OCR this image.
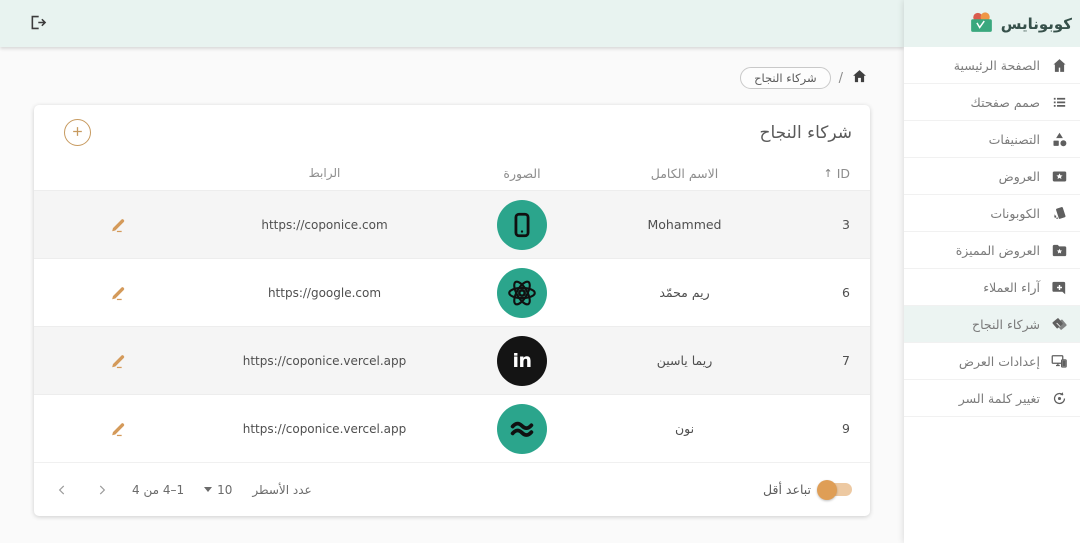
كوبونايس
الصفحة الرئيسية
صمم صفحتك
التصنيفات
العروض
الكوبونات
العروض المميزة
آراء العملاء
شركاء النجاح
إعدادات العرض
تغيير كلمة السر
/
شركاء النجاح
شركاء النجاح
ID
↑
الاسم الكامل
الصورة
الرابط
3
Mohammed
https://coponice.com
6
ريم محمّد
https://google.com
7
ريما ياسين
in
https://coponice.vercel.app
9
نون
https://coponice.vercel.app
تباعد أقل
عدد الأسطر
10
1–4 من 4
